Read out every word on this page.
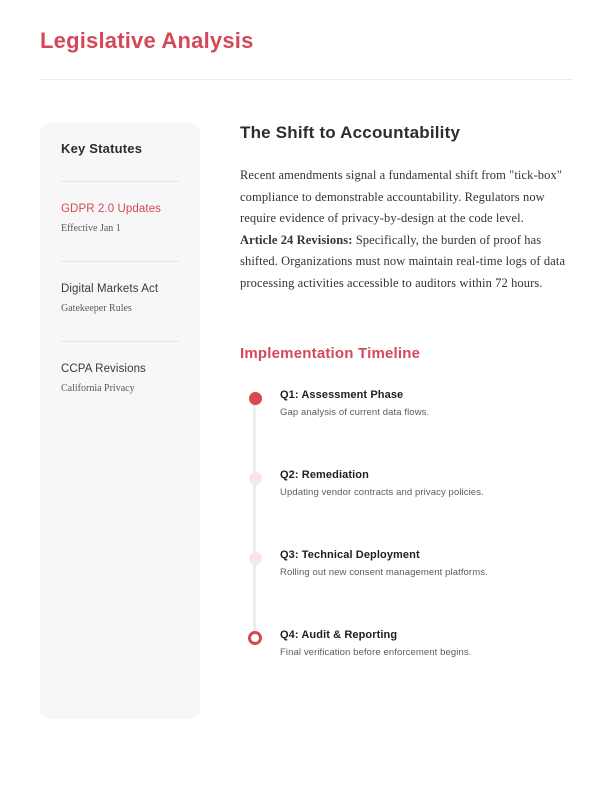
Legislative Analysis
Key Statutes
GDPR 2.0 Updates
Effective Jan 1
Digital Markets Act
Gatekeeper Rules
CCPA Revisions
California Privacy
The Shift to Accountability

Recent amendments signal a fundamental shift from "tick-box" compliance to demonstrable accountability. Regulators now require evidence of privacy-by-design at the code level.

Article 24 Revisions: Specifically, the burden of proof has shifted. Organizations must now maintain real-time logs of data processing activities accessible to auditors within 72 hours.

Implementation Timeline
Q1: Assessment Phase
Gap analysis of current data flows.
Q2: Remediation
Updating vendor contracts and privacy policies.
Q3: Technical Deployment
Rolling out new consent management platforms.
Q4: Audit & Reporting
Final verification before enforcement begins.
